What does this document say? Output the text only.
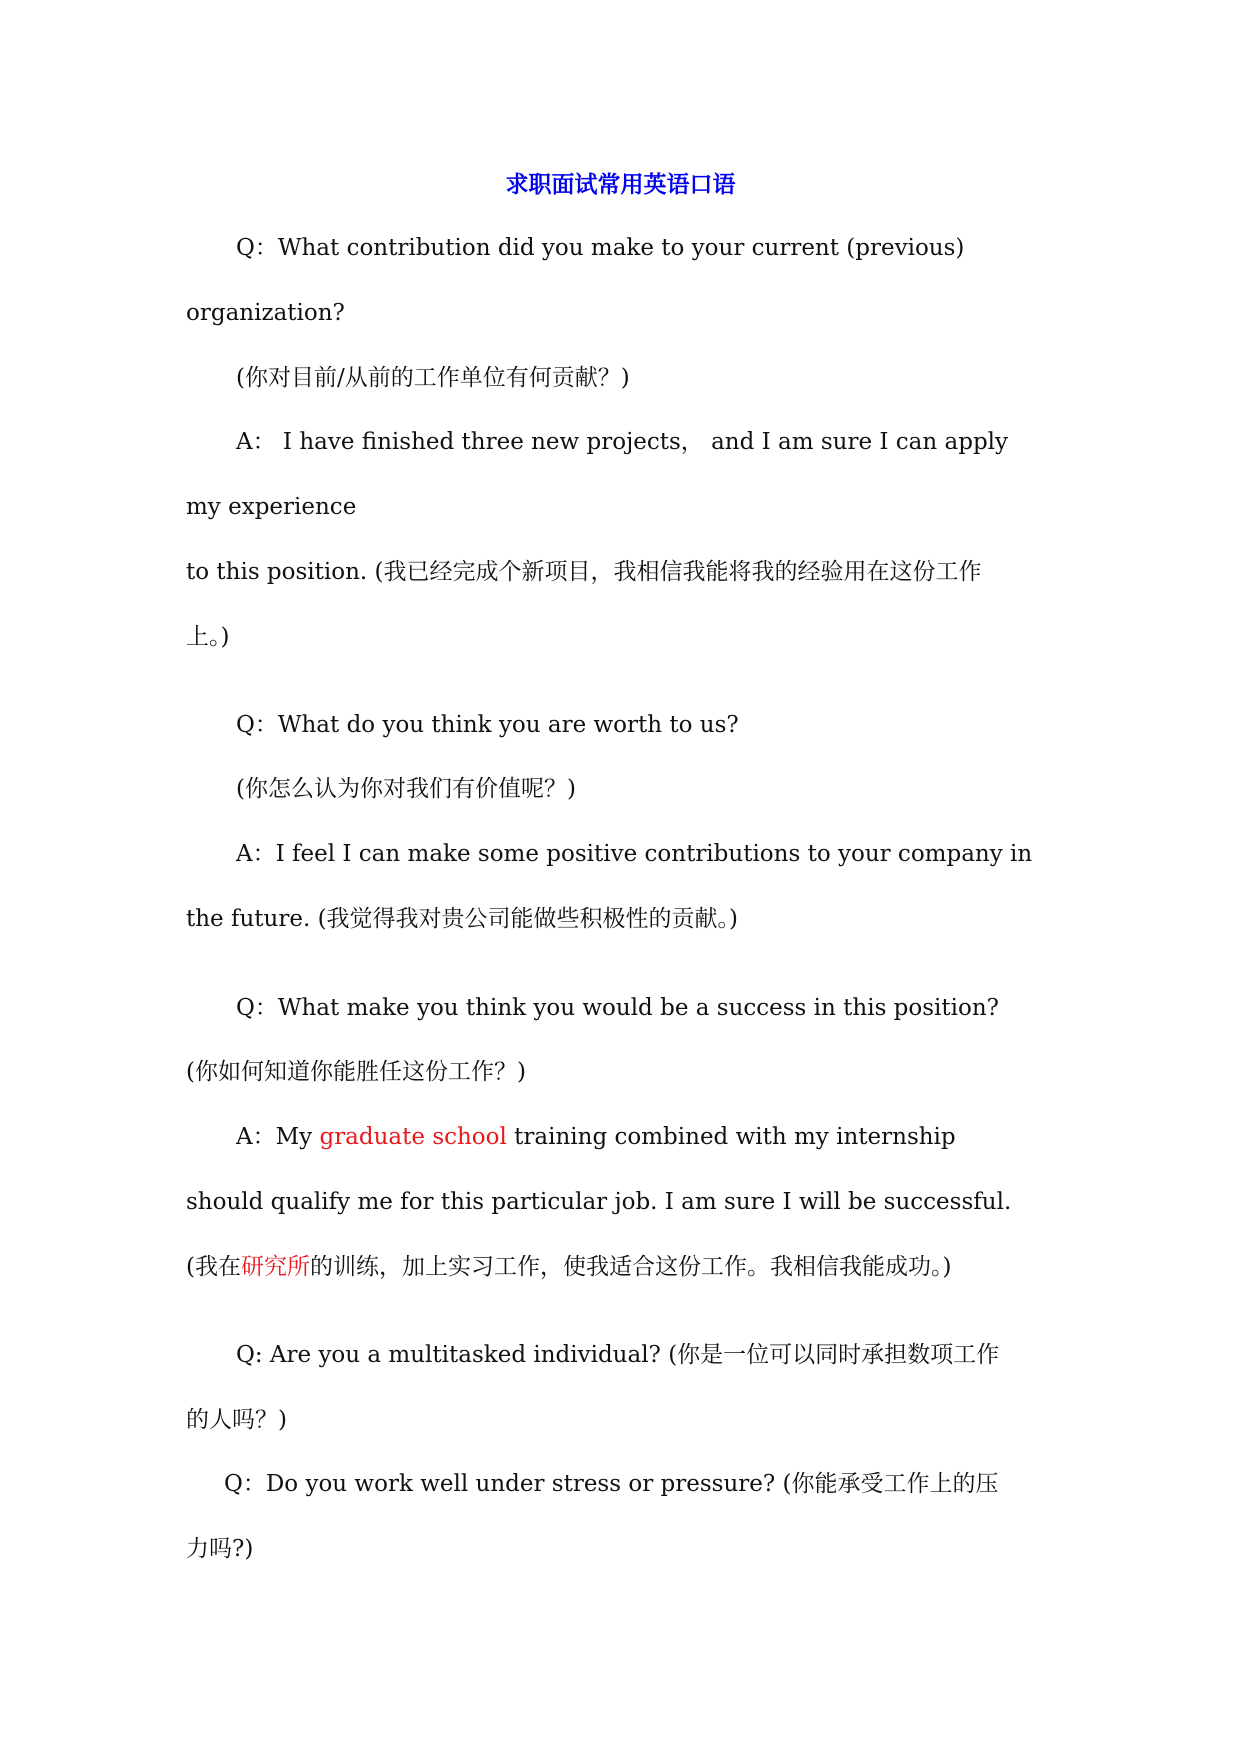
求职面试常用英语口语
Q：What contribution did you make to your current (previous)
organization?
(你对目前/从前的工作单位有何贡献？)
A： I have finished three new projects， and I am sure I can apply
my experience
to this position. (我已经完成个新项目，我相信我能将我的经验用在这份工作
上。)
Q：What do you think you are worth to us?
(你怎么认为你对我们有价值呢？)
A：I feel I can make some positive contributions to your company in
the future. (我觉得我对贵公司能做些积极性的贡献。)
Q：What make you think you would be a success in this position?
(你如何知道你能胜任这份工作？)
A：My graduate school training combined with my internship
should qualify me for this particular job. I am sure I will be successful.
(我在研究所的训练，加上实习工作，使我适合这份工作。我相信我能成功。)
Q: Are you a multitasked individual? (你是一位可以同时承担数项工作
的人吗？)
Q：Do you work well under stress or pressure? (你能承受工作上的压
力吗?)
